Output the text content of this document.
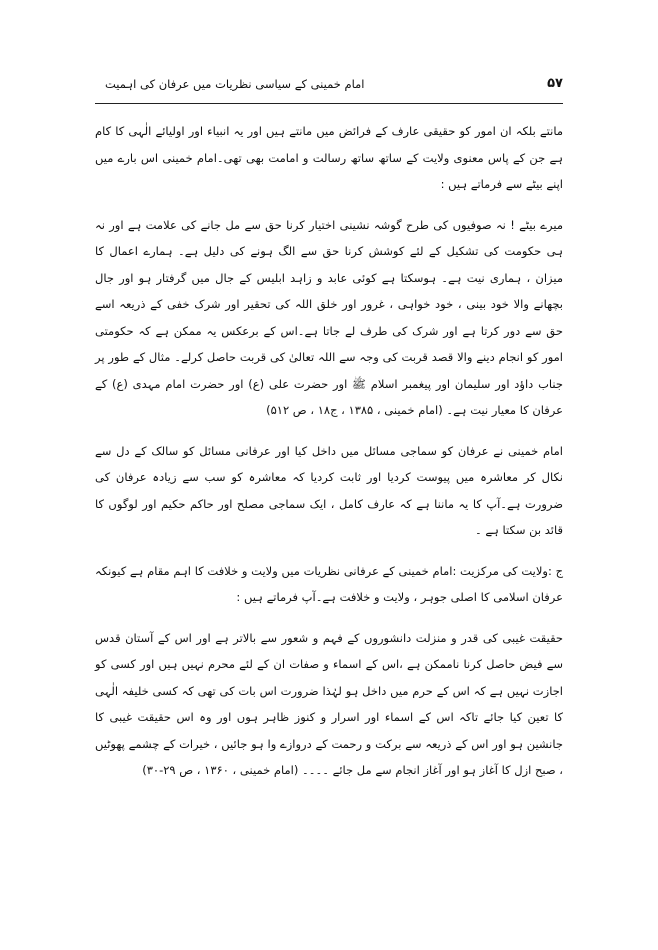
۵۷
امام خمینی کے سیاسی نظریات میں عرفان کی اہمیت

مانتے بلکہ ان امور کو حقیقی عارف کے فرائض میں مانتے ہیں اور یہ انبیاء اور اولیائے الٰہی کا کام ہے جن کے پاس معنوی ولایت کے ساتھ ساتھ رسالت و امامت بھی تھی۔امام خمینی اس بارے میں اپنے بیٹے سے فرماتے ہیں :

میرے بیٹے ! نہ صوفیوں کی طرح گوشہ نشینی اختیار کرنا حق سے مل جانے کی علامت ہے اور نہ ہی حکومت کی تشکیل کے لئے کوشش کرنا حق سے الگ ہونے کی دلیل ہے۔ ہمارے اعمال کا میزان ، ہماری نیت ہے۔ ہوسکتا ہے کوئی عابد و زاہد ابلیس کے جال میں گرفتار ہو اور جال بچھانے والا خود بینی ، خود خواہی ، غرور اور خلق اللہ کی تحقیر اور شرک خفی کے ذریعہ اسے حق سے دور کرتا ہے اور شرک کی طرف لے جاتا ہے۔اس کے برعکس یہ ممکن ہے کہ حکومتی امور کو انجام دینے والا قصد قربت کی وجہ سے اللہ تعالیٰ کی قربت حاصل کرلے۔ مثال کے طور پر جناب داؤد اور سلیمان اور پیغمبر اسلام ﷺ اور حضرت علی (ع) اور حضرت امام مہدی (ع) کے عرفان کا معیار نیت ہے۔ (امام خمینی ، ۱۳۸۵ ، ج۱۸ ، ص ۵۱۲)

امام خمینی نے عرفان کو سماجی مسائل میں داخل کیا اور عرفانی مسائل کو سالک کے دل سے نکال کر معاشرہ میں پیوست کردیا اور ثابت کردیا کہ معاشرہ کو سب سے زیادہ عرفان کی ضرورت ہے۔آپ کا یہ ماننا ہے کہ عارف کامل ، ایک سماجی مصلح اور حاکم حکیم اور لوگوں کا قائد بن سکتا ہے ۔

ج :ولایت کی مرکزیت :امام خمینی کے عرفانی نظریات میں ولایت و خلافت کا اہم مقام ہے کیونکہ عرفان اسلامی کا اصلی جوہر ، ولایت و خلافت ہے۔آپ فرماتے ہیں :

حقیقت غیبی کی قدر و منزلت دانشوروں کے فہم و شعور سے بالاتر ہے اور اس کے آستان قدس سے فیض حاصل کرنا ناممکن ہے ،اس کے اسماء و صفات ان کے لئے محرم نہیں ہیں اور کسی کو اجازت نہیں ہے کہ اس کے حرم میں داخل ہو لہٰذا ضرورت اس بات کی تھی کہ کسی خلیفہ الٰہی کا تعین کیا جائے تاکہ اس کے اسماء اور اسرار و کنوز ظاہر ہوں اور وہ اس حقیقت غیبی کا جانشین ہو اور اس کے ذریعہ سے برکت و رحمت کے دروازے وا ہو جائیں ، خیرات کے چشمے پھوٹیں ، صبح ازل کا آغاز ہو اور آغاز انجام سے مل جائے ۔۔۔۔ (امام خمینی ، ۱۳۶۰ ، ص ۲۹-۳۰)
